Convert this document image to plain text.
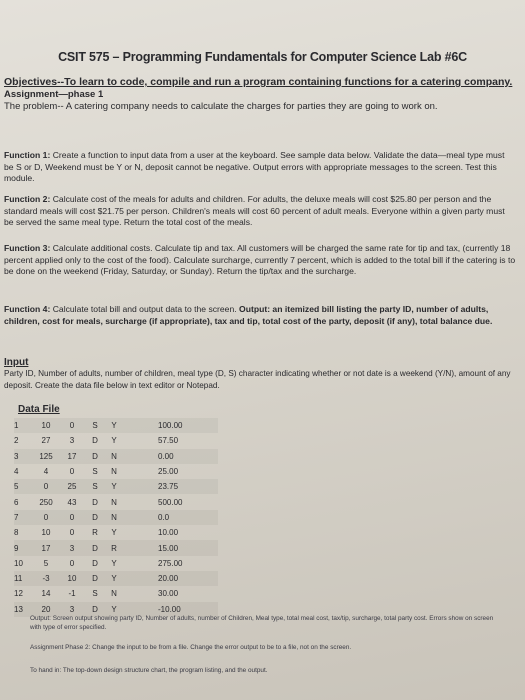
CSIT 575 – Programming Fundamentals for Computer Science Lab #6C
Objectives--To learn to code, compile and run a program containing functions for a catering company.
Assignment—phase 1
The problem-- A catering company needs to calculate the charges for parties they are going to work on.
Function 1: Create a function to input data from a user at the keyboard. See sample data below. Validate the data—meal type must be S or D, Weekend must be Y or N, deposit cannot be negative. Output errors with appropriate messages to the screen. Test this module.
Function 2: Calculate cost of the meals for adults and children. For adults, the deluxe meals will cost $25.80 per person and the standard meals will cost $21.75 per person. Children's meals will cost 60 percent of adult meals. Everyone within a given party must be served the same meal type. Return the total cost of the meals.
Function 3: Calculate additional costs. Calculate tip and tax. All customers will be charged the same rate for tip and tax, (currently 18 percent applied only to the cost of the food). Calculate surcharge, currently 7 percent, which is added to the total bill if the catering is to be done on the weekend (Friday, Saturday, or Sunday). Return the tip/tax and the surcharge.
Function 4: Calculate total bill and output data to the screen. Output: an itemized bill listing the party ID, number of adults, children, cost for meals, surcharge (if appropriate), tax and tip, total cost of the party, deposit (if any), total balance due.
Input
Party ID, Number of adults, number of children, meal type (D, S) character indicating whether or not date is a weekend (Y/N), amount of any deposit. Create the data file below in text editor or Notepad.
Data File
1	10	0	S	Y		100.00
2	27	3	D	Y		57.50
3	125	17	D	N		0.00
4	4	0	S	N		25.00
5	0	25	S	Y		23.75
6	250	43	D	N		500.00
7	0	0	D	N		0.0
8	10	0	R	Y		10.00
9	17	3	D	R		15.00
10	5	0	D	Y		275.00
11	-3	10	D	Y		20.00
12	14	-1	S	N		30.00
13	20	3	D	Y		-10.00
Output: Screen output showing party ID, Number of adults, number of Children, Meal type, total meal cost, tax/tip, surcharge, total party cost. Errors show on screen with type of error specified.
Assignment Phase 2: Change the input to be from a file. Change the error output to be to a file, not on the screen.
To hand in: The top-down design structure chart, the program listing, and the output.
